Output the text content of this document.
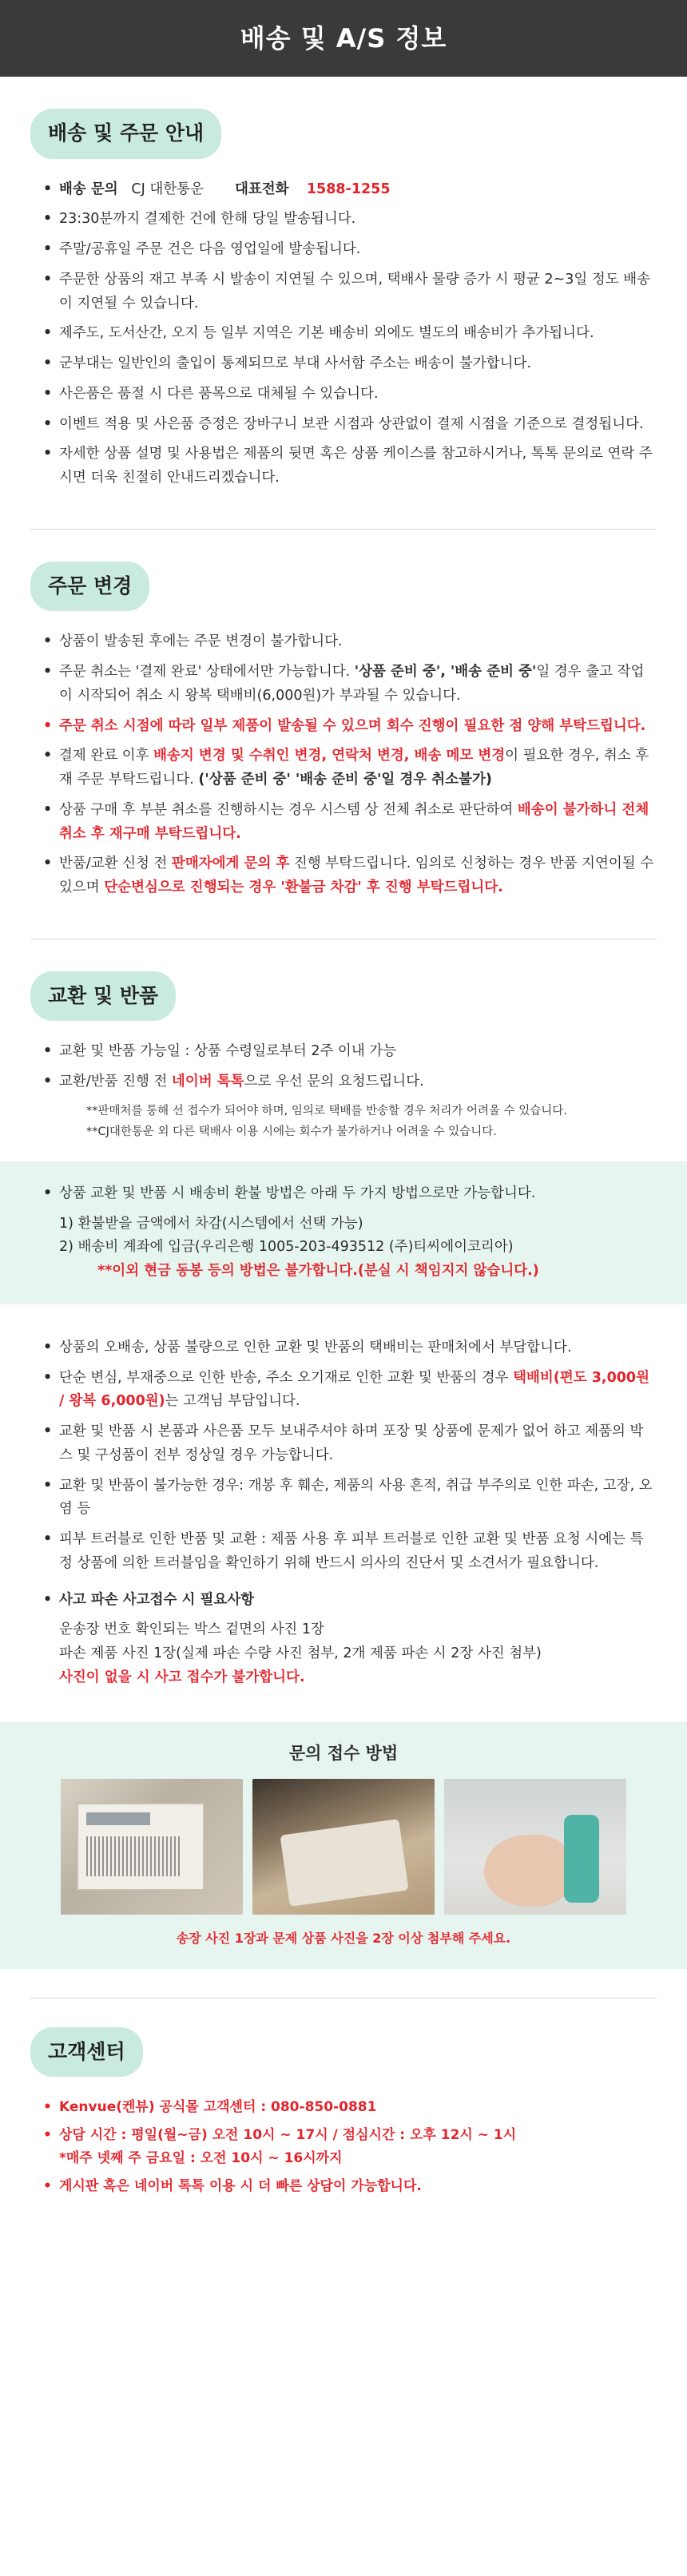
배송 및 A/S 정보
배송 및 주문 안내
• 배송 문의 CJ 대한통운 대표전화 1588-1255
• 23:30분까지 결제한 건에 한해 당일 발송됩니다.
• 주말/공휴일 주문 건은 다음 영업일에 발송됩니다.
• 주문한 상품의 재고 부족 시 발송이 지연될 수 있으며, 택배사 물량 증가 시 평균 2~3일 정도 배송이 지연될 수 있습니다.
• 제주도, 도서산간, 오지 등 일부 지역은 기본 배송비 외에도 별도의 배송비가 추가됩니다.
• 군부대는 일반인의 출입이 통제되므로 부대 사서함 주소는 배송이 불가합니다.
• 사은품은 품절 시 다른 품목으로 대체될 수 있습니다.
• 이벤트 적용 및 사은품 증정은 장바구니 보관 시점과 상관없이 결제 시점을 기준으로 결정됩니다.
• 자세한 상품 설명 및 사용법은 제품의 뒷면 혹은 상품 케이스를 참고하시거나, 톡톡 문의로 연락 주시면 더욱 친절히 안내드리겠습니다.
주문 변경
• 상품이 발송된 후에는 주문 변경이 불가합니다.
• 주문 취소는 '결제 완료' 상태에서만 가능합니다. '상품 준비 중', '배송 준비 중'일 경우 출고 작업이 시작되어 취소 시 왕복 택배비(6,000원)가 부과될 수 있습니다.
• 주문 취소 시점에 따라 일부 제품이 발송될 수 있으며 회수 진행이 필요한 점 양해 부탁드립니다.
• 결제 완료 이후 배송지 변경 및 수취인 변경, 연락처 변경, 배송 메모 변경이 필요한 경우, 취소 후 재 주문 부탁드립니다. ('상품 준비 중' '배송 준비 중'일 경우 취소불가)
• 상품 구매 후 부분 취소를 진행하시는 경우 시스템 상 전체 취소로 판단하여 배송이 불가하니 전체 취소 후 재구매 부탁드립니다.
• 반품/교환 신청 전 판매자에게 문의 후 진행 부탁드립니다. 임의로 신청하는 경우 반품 지연이될 수 있으며 단순변심으로 진행되는 경우 '환불금 차감' 후 진행 부탁드립니다.
교환 및 반품
• 교환 및 반품 가능일 : 상품 수령일로부터 2주 이내 가능
• 교환/반품 진행 전 네이버 톡톡으로 우선 문의 요청드립니다.
**판매처를 통해 선 접수가 되어야 하며, 임의로 택배를 반송할 경우 처리가 어려울 수 있습니다.
**CJ대한통운 외 다른 택배사 이용 시에는 회수가 불가하거나 어려울 수 있습니다.
• 상품 교환 및 반품 시 배송비 환불 방법은 아래 두 가지 방법으로만 가능합니다.
1) 환불받을 금액에서 차감(시스템에서 선택 가능)
2) 배송비 계좌에 입금(우리은행 1005-203-493512 (주)티씨에이코리아)
**이외 현금 동봉 등의 방법은 불가합니다.(분실 시 책임지지 않습니다.)
• 상품의 오배송, 상품 불량으로 인한 교환 및 반품의 택배비는 판매처에서 부담합니다.
• 단순 변심, 부재중으로 인한 반송, 주소 오기재로 인한 교환 및 반품의 경우 택배비(편도 3,000원 / 왕복 6,000원)는 고객님 부담입니다.
• 교환 및 반품 시 본품과 사은품 모두 보내주셔야 하며 포장 및 상품에 문제가 없어 하고 제품의 박스 및 구성품이 전부 정상일 경우 가능합니다.
• 교환 및 반품이 불가능한 경우: 개봉 후 훼손, 제품의 사용 흔적, 취급 부주의로 인한 파손, 고장, 오염 등
• 피부 트러블로 인한 반품 및 교환 : 제품 사용 후 피부 트러블로 인한 교환 및 반품 요청 시에는 특정 상품에 의한 트러블임을 확인하기 위해 반드시 의사의 진단서 및 소견서가 필요합니다.
• 사고 파손 사고접수 시 필요사항
운송장 번호 확인되는 박스 겉면의 사진 1장
파손 제품 사진 1장(실제 파손 수량 사진 첨부, 2개 제품 파손 시 2장 사진 첨부)
사진이 없을 시 사고 접수가 불가합니다.
문의 접수 방법
송장 사진 1장과 문제 상품 사진을 2장 이상 첨부해 주세요.
고객센터
• Kenvue(켄뷰) 공식몰 고객센터 : 080-850-0881
• 상담 시간 : 평일(월~금) 오전 10시 ~ 17시 / 점심시간 : 오후 12시 ~ 1시
*매주 넷째 주 금요일 : 오전 10시 ~ 16시까지
• 게시판 혹은 네이버 톡톡 이용 시 더 빠른 상담이 가능합니다.
